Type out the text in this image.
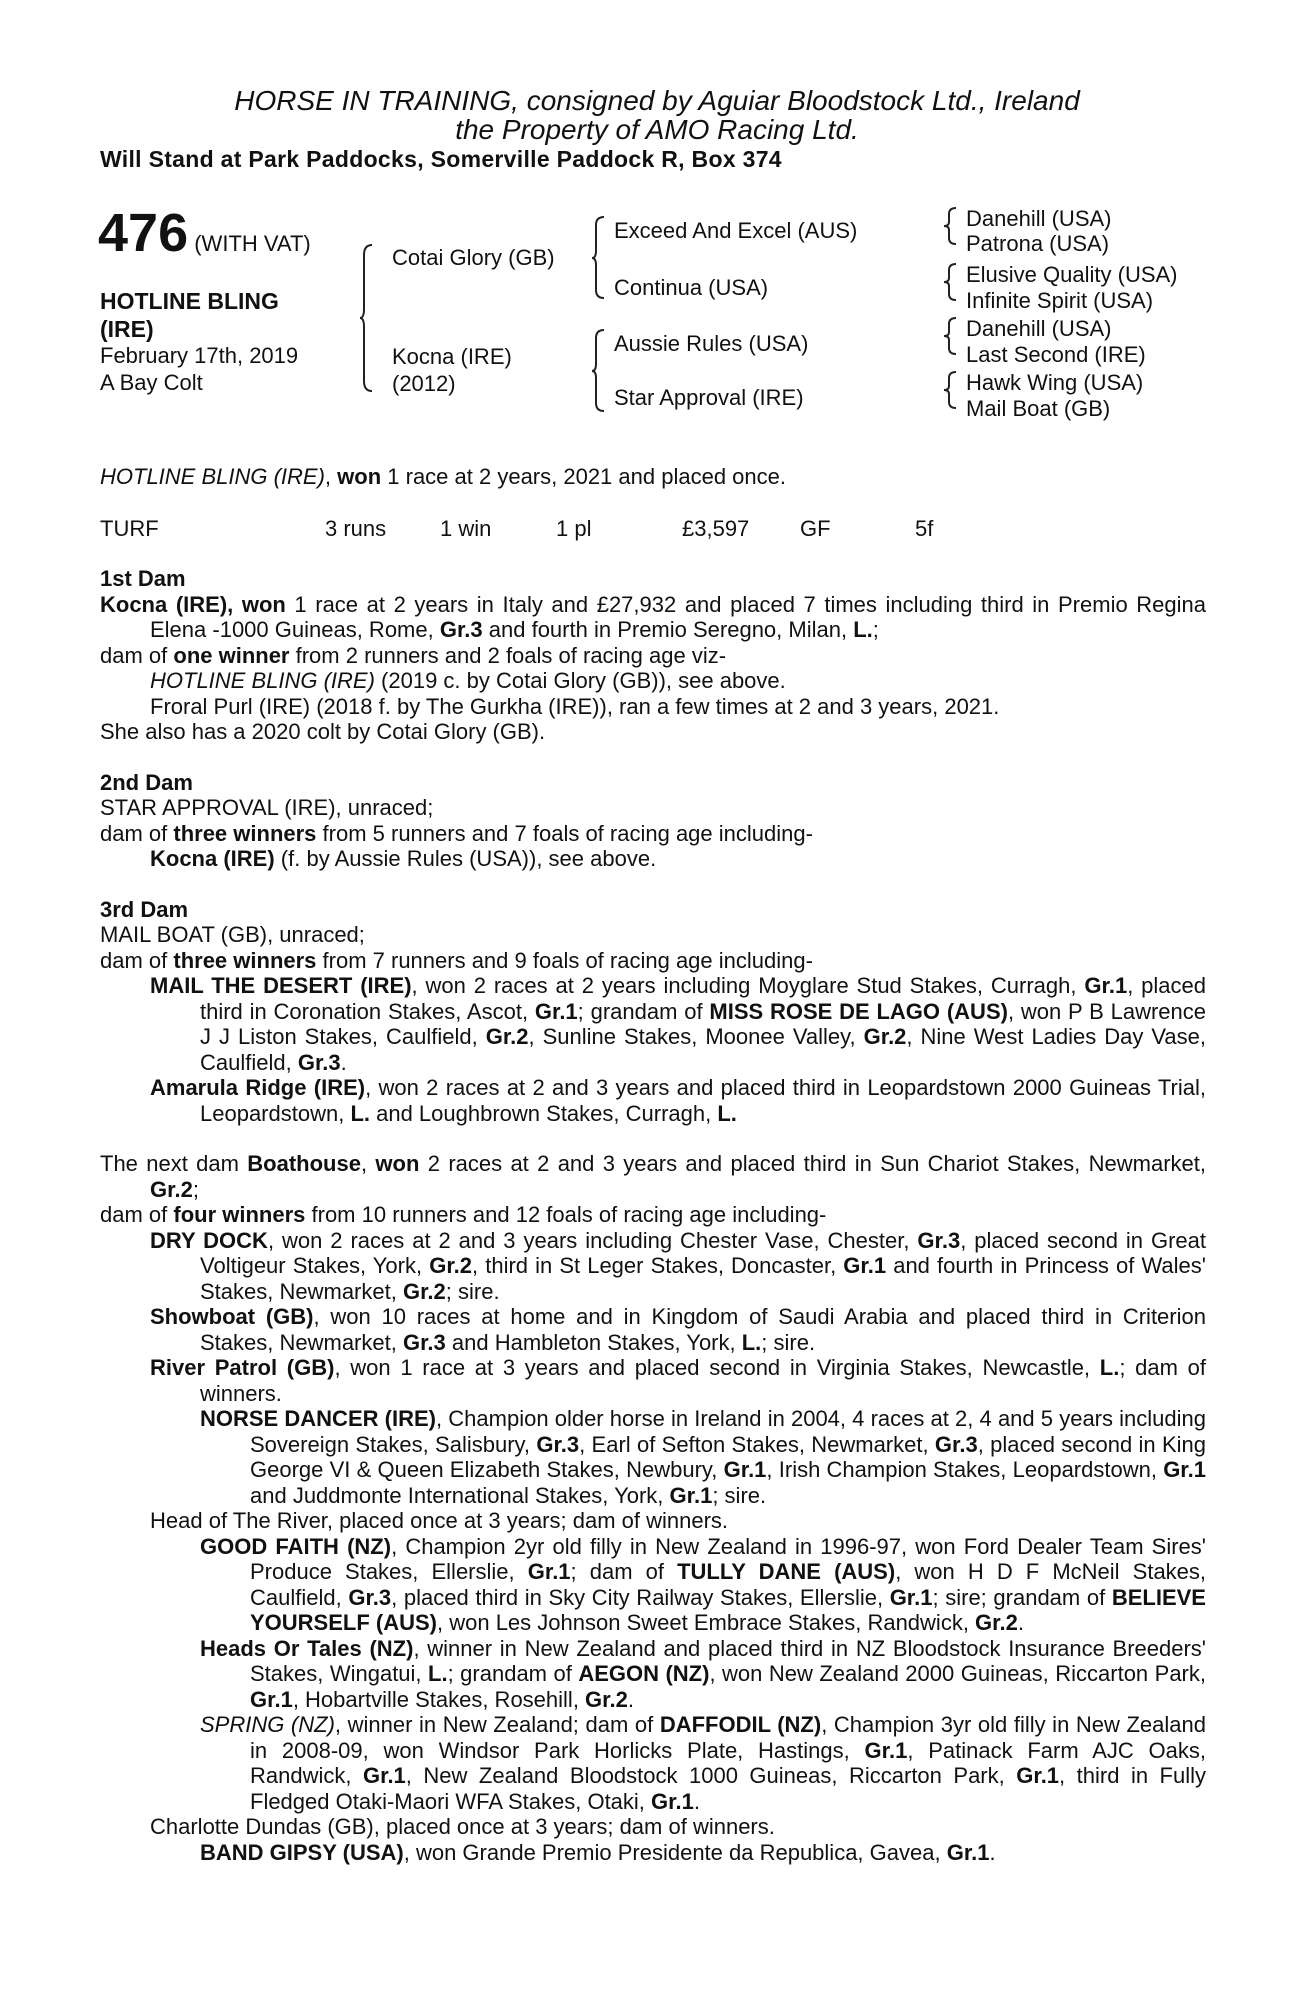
HORSE IN TRAINING, consigned by Aguiar Bloodstock Ltd., Ireland
the Property of AMO Racing Ltd.
Will Stand at Park Paddocks, Somerville Paddock R, Box 374
476 (WITH VAT)
HOTLINE BLING
(IRE)
February 17th, 2019
A Bay Colt
Cotai Glory (GB)
Kocna (IRE)
(2012)
Exceed And Excel (AUS)
Continua (USA)
Aussie Rules (USA)
Star Approval (IRE)
Danehill (USA)
Patrona (USA)
Elusive Quality (USA)
Infinite Spirit (USA)
Danehill (USA)
Last Second (IRE)
Hawk Wing (USA)
Mail Boat (GB)
HOTLINE BLING (IRE), won 1 race at 2 years, 2021 and placed once.
TURF	3 runs 1 win	1 pl	£3,597 GF	5f

1st Dam

Kocna (IRE), won 1 race at 2 years in Italy and £27,932 and placed 7 times including third in Premio Regina Elena -1000 Guineas, Rome, Gr.3 and fourth in Premio Seregno, Milan, L.;

dam of one winner from 2 runners and 2 foals of racing age viz-

HOTLINE BLING (IRE) (2019 c. by Cotai Glory (GB)), see above.

Froral Purl (IRE) (2018 f. by The Gurkha (IRE)), ran a few times at 2 and 3 years, 2021.

She also has a 2020 colt by Cotai Glory (GB).

2nd Dam

STAR APPROVAL (IRE), unraced;

dam of three winners from 5 runners and 7 foals of racing age including-

Kocna (IRE) (f. by Aussie Rules (USA)), see above.

3rd Dam

MAIL BOAT (GB), unraced;

dam of three winners from 7 runners and 9 foals of racing age including-

MAIL THE DESERT (IRE), won 2 races at 2 years including Moyglare Stud Stakes, Curragh, Gr.1, placed third in Coronation Stakes, Ascot, Gr.1; grandam of MISS ROSE DE LAGO (AUS), won P B Lawrence J J Liston Stakes, Caulfield, Gr.2, Sunline Stakes, Moonee Valley, Gr.2, Nine West Ladies Day Vase, Caulfield, Gr.3.

Amarula Ridge (IRE), won 2 races at 2 and 3 years and placed third in Leopardstown 2000 Guineas Trial, Leopardstown, L. and Loughbrown Stakes, Curragh, L.

The next dam Boathouse, won 2 races at 2 and 3 years and placed third in Sun Chariot Stakes, Newmarket, Gr.2;

dam of four winners from 10 runners and 12 foals of racing age including-

DRY DOCK, won 2 races at 2 and 3 years including Chester Vase, Chester, Gr.3, placed second in Great Voltigeur Stakes, York, Gr.2, third in St Leger Stakes, Doncaster, Gr.1 and fourth in Princess of Wales' Stakes, Newmarket, Gr.2; sire.

Showboat (GB), won 10 races at home and in Kingdom of Saudi Arabia and placed third in Criterion Stakes, Newmarket, Gr.3 and Hambleton Stakes, York, L.; sire.

River Patrol (GB), won 1 race at 3 years and placed second in Virginia Stakes, Newcastle, L.; dam of winners.

NORSE DANCER (IRE), Champion older horse in Ireland in 2004, 4 races at 2, 4 and 5 years including Sovereign Stakes, Salisbury, Gr.3, Earl of Sefton Stakes, Newmarket, Gr.3, placed second in King George VI & Queen Elizabeth Stakes, Newbury, Gr.1, Irish Champion Stakes, Leopardstown, Gr.1 and Juddmonte International Stakes, York, Gr.1; sire.

Head of The River, placed once at 3 years; dam of winners.

GOOD FAITH (NZ), Champion 2yr old filly in New Zealand in 1996-97, won Ford Dealer Team Sires' Produce Stakes, Ellerslie, Gr.1; dam of TULLY DANE (AUS), won H D F McNeil Stakes, Caulfield, Gr.3, placed third in Sky City Railway Stakes, Ellerslie, Gr.1; sire; grandam of BELIEVE YOURSELF (AUS), won Les Johnson Sweet Embrace Stakes, Randwick, Gr.2.

Heads Or Tales (NZ), winner in New Zealand and placed third in NZ Bloodstock Insurance Breeders' Stakes, Wingatui, L.; grandam of AEGON (NZ), won New Zealand 2000 Guineas, Riccarton Park, Gr.1, Hobartville Stakes, Rosehill, Gr.2.

SPRING (NZ), winner in New Zealand; dam of DAFFODIL (NZ), Champion 3yr old filly in New Zealand in 2008-09, won Windsor Park Horlicks Plate, Hastings, Gr.1, Patinack Farm AJC Oaks, Randwick, Gr.1, New Zealand Bloodstock 1000 Guineas, Riccarton Park, Gr.1, third in Fully Fledged Otaki-Maori WFA Stakes, Otaki, Gr.1.

Charlotte Dundas (GB), placed once at 3 years; dam of winners.

BAND GIPSY (USA), won Grande Premio Presidente da Republica, Gavea, Gr.1.
